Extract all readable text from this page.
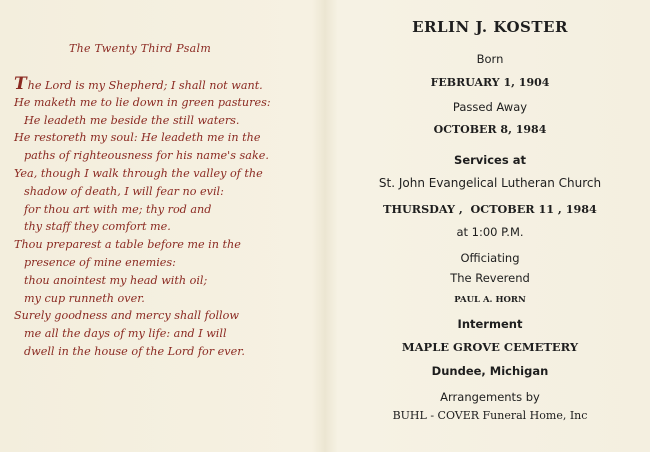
The Twenty Third Psalm
The Lord is my Shepherd; I shall not want.
He maketh me to lie down in green pastures:
He leadeth me beside the still waters.
He restoreth my soul: He leadeth me in the
paths of righteousness for his name's sake.
Yea, though I walk through the valley of the
shadow of death, I will fear no evil:
for thou art with me; thy rod and
thy staff they comfort me.
Thou preparest a table before me in the
presence of mine enemies:
thou anointest my head with oil;
my cup runneth over.
Surely goodness and mercy shall follow
me all the days of my life: and I will
dwell in the house of the Lord for ever.
ERLIN J. KOSTER
Born
FEBRUARY 1, 1904
Passed Away
OCTOBER 8, 1984
Services at
St. John Evangelical Lutheran Church
THURSDAY ,  OCTOBER 11 , 1984
at 1:00 P.M.
Officiating
The Reverend
PAUL A. HORN
Interment
MAPLE GROVE CEMETERY
Dundee, Michigan
Arrangements by
BUHL - COVER Funeral Home, Inc
